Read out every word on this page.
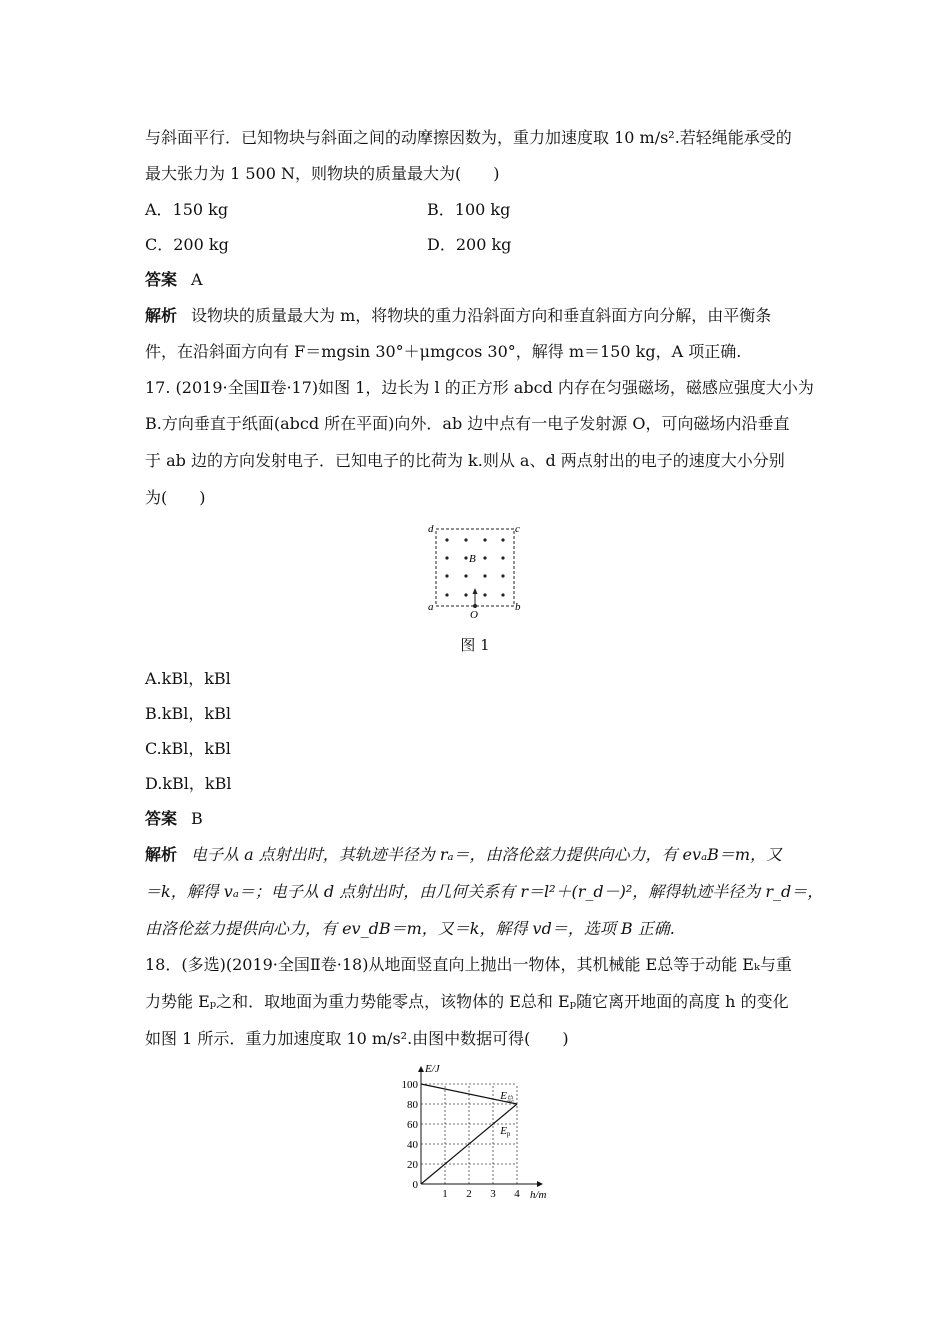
与斜面平行．已知物块与斜面之间的动摩擦因数为，重力加速度取 10 m/s².若轻绳能承受的
最大张力为 1 500 N，则物块的质量最大为(　　)
A．150 kg	B．100 kg
C．200 kg	D．200 kg
答案 A
解析 设物块的质量最大为 m，将物块的重力沿斜面方向和垂直斜面方向分解，由平衡条
件，在沿斜面方向有 F＝mgsin 30°＋μmgcos 30°，解得 m＝150 kg，A 项正确.
17. (2019·全国Ⅱ卷·17)如图 1，边长为 l 的正方形 abcd 内存在匀强磁场，磁感应强度大小为
B.方向垂直于纸面(abcd 所在平面)向外．ab 边中点有一电子发射源 O，可向磁场内沿垂直
于 ab 边的方向发射电子．已知电子的比荷为 k.则从 a、d 两点射出的电子的速度大小分别
为(　　)
B
d	c
a	b
O
图 1
A.kBl，kBl
B.kBl，kBl
C.kBl，kBl
D.kBl，kBl
答案 B
解析 电子从 a 点射出时，其轨迹半径为 rₐ＝，由洛伦兹力提供向心力，有 evₐB＝m，又
＝k，解得 vₐ＝；电子从 d 点射出时，由几何关系有 r＝l²＋(r_d－)²，解得轨迹半径为 r_d＝，
由洛伦兹力提供向心力，有 ev_dB＝m，又＝k，解得 vd＝，选项 B 正确.
18．(多选)(2019·全国Ⅱ卷·18)从地面竖直向上抛出一物体，其机械能 E总等于动能 Eₖ与重
力势能 Eₚ之和．取地面为重力势能零点，该物体的 E总和 Eₚ随它离开地面的高度 h 的变化
如图 1 所示．重力加速度取 10 m/s².由图中数据可得(　　)
0
20
40
60
80
100
1 2 3 4 h/m
E/J
E总
Ep
